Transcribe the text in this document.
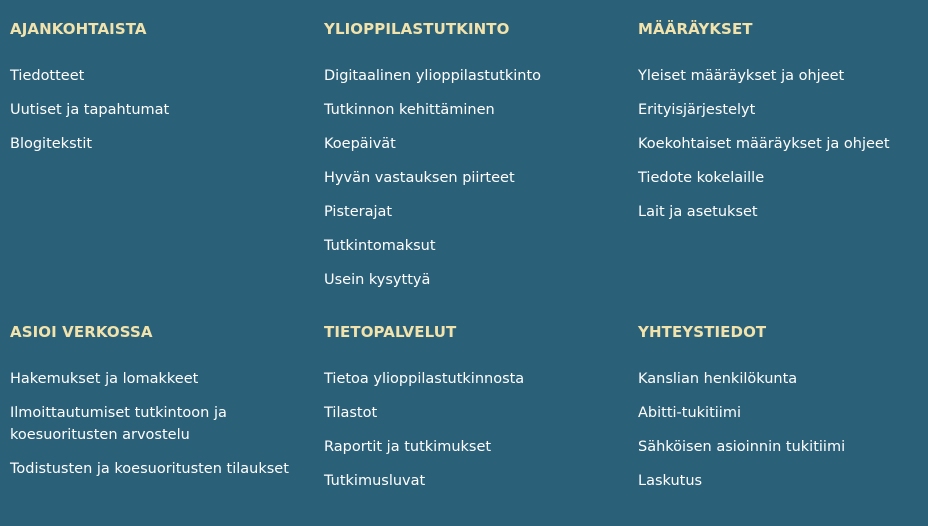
AJANKOHTAISTA
Tiedotteet
Uutiset ja tapahtumat
Blogitekstit
YLIOPPILASTUTKINTO
Digitaalinen ylioppilastutkinto
Tutkinnon kehittäminen
Koepäivät
Hyvän vastauksen piirteet
Pisterajat
Tutkintomaksut
Usein kysyttyä
MÄÄRÄYKSET
Yleiset määräykset ja ohjeet
Erityisjärjestelyt
Koekohtaiset määräykset ja ohjeet
Tiedote kokelaille
Lait ja asetukset
ASIOI VERKOSSA
Hakemukset ja lomakkeet
Ilmoittautumiset tutkintoon ja koesuoritusten arvostelu
Todistusten ja koesuoritusten tilaukset
TIETOPALVELUT
Tietoa ylioppilastutkinnosta
Tilastot
Raportit ja tutkimukset
Tutkimusluvat
YHTEYSTIEDOT
Kanslian henkilökunta
Abitti-tukitiimi
Sähköisen asioinnin tukitiimi
Laskutus
